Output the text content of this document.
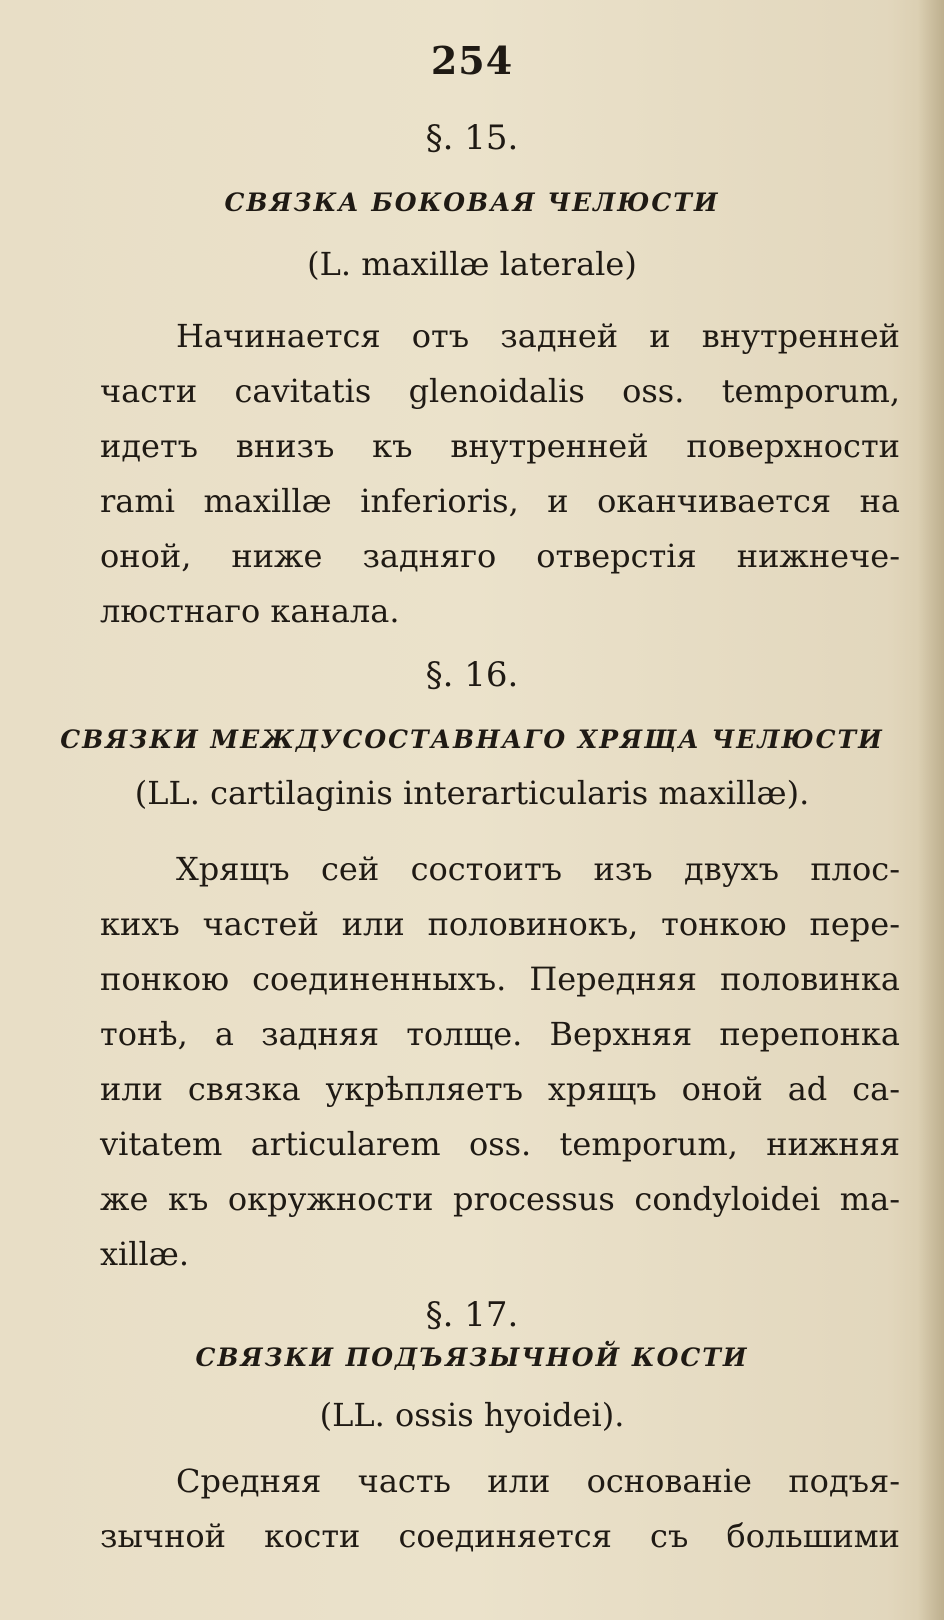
254
§. 15.
СВЯЗКА БОКОВАЯ ЧЕЛЮСТИ
(L. maxillæ laterale)
Начинается отъ задней и внутренней
части cavitatis glenoidalis oss. temporum,
идетъ внизъ къ внутренней поверхности
rami maxillæ inferioris, и оканчивается на
оной, ниже задняго отверстія нижнече-
люстнаго канала.
§. 16.
СВЯЗКИ МЕЖДУСОСТАВНАГО ХРЯЩА ЧЕЛЮСТИ
(LL. cartilaginis interarticularis maxillæ).
Хрящъ сей состоитъ изъ двухъ плос-
кихъ частей или половинокъ, тонкою пере-
понкою соединенныхъ. Передняя половинка
тонѣ, а задняя толще. Верхняя перепонка
или связка укрѣпляетъ хрящъ оной ad ca-
vitatem articularem oss. temporum, нижняя
же къ окружности processus condyloidei ma-
xillæ.
§. 17.
СВЯЗКИ ПОДЪЯЗЫЧНОЙ КОСТИ
(LL. ossis hyoidei).
Средняя часть или основаніе подъя-
зычной кости соединяется съ большими
